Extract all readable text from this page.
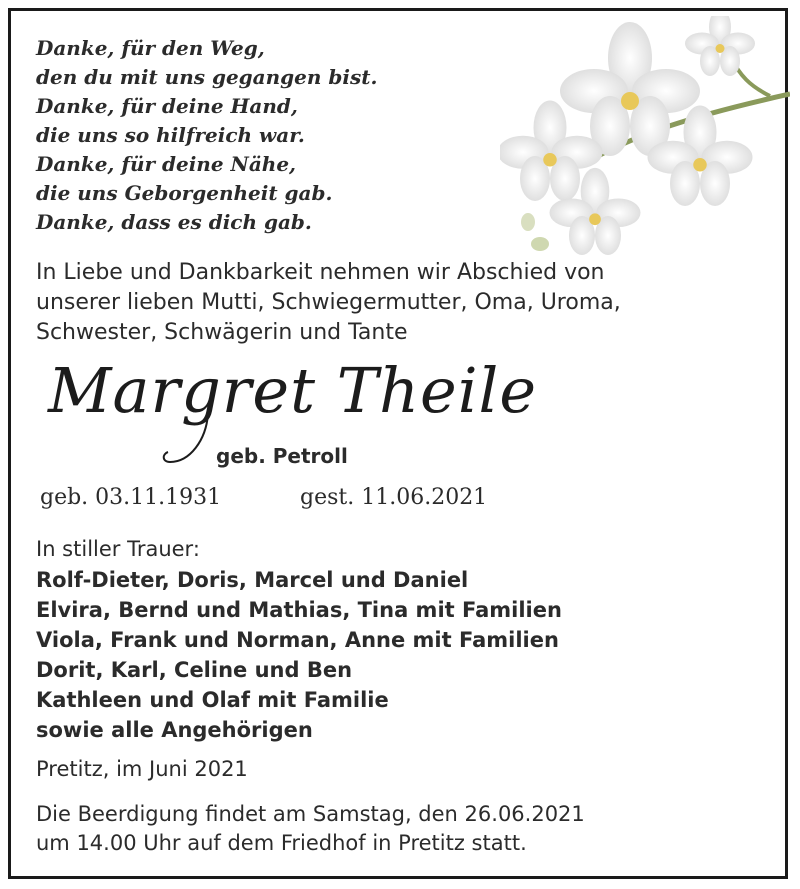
Danke, für den Weg,
den du mit uns gegangen bist.
Danke, für deine Hand,
die uns so hilfreich war.
Danke, für deine Nähe,
die uns Geborgenheit gab.
Danke, dass es dich gab.
In Liebe und Dankbarkeit nehmen wir Abschied von
unserer lieben Mutti, Schwiegermutter, Oma, Uroma,
Schwester, Schwägerin und Tante
Margret Theile
geb. Petroll
geb. 03.11.1931	gest. 11.06.2021
In stiller Trauer:
Rolf-Dieter, Doris, Marcel und Daniel
Elvira, Bernd und Mathias, Tina mit Familien
Viola, Frank und Norman, Anne mit Familien
Dorit, Karl, Celine und Ben
Kathleen und Olaf mit Familie
sowie alle Angehörigen
Pretitz, im Juni 2021
Die Beerdigung findet am Samstag, den 26.06.2021
um 14.00 Uhr auf dem Friedhof in Pretitz statt.
